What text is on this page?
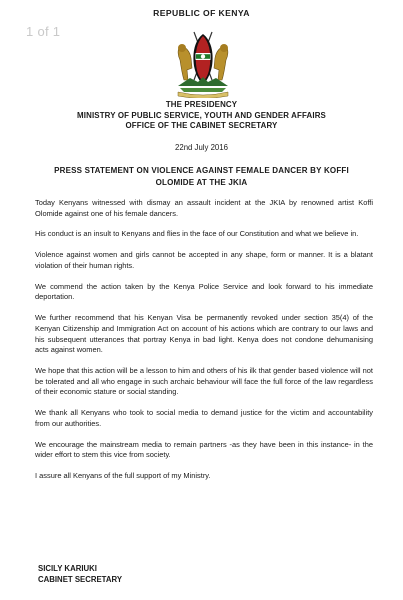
1 of 1
REPUBLIC OF KENYA
THE PRESIDENCY
MINISTRY OF PUBLIC SERVICE, YOUTH AND GENDER AFFAIRS
OFFICE OF THE CABINET SECRETARY
22nd July 2016
PRESS STATEMENT ON VIOLENCE AGAINST FEMALE DANCER BY KOFFI OLOMIDE AT THE JKIA

Today Kenyans witnessed with dismay an assault incident at the JKIA by renowned artist Koffi Olomide against one of his female dancers.

His conduct is an insult to Kenyans and flies in the face of our Constitution and what we believe in.

Violence against women and girls cannot be accepted in any shape, form or manner. It is a blatant violation of their human rights.

We commend the action taken by the Kenya Police Service and look forward to his immediate deportation.

We further recommend that his Kenyan Visa be permanently revoked under section 35(4) of the Kenyan Citizenship and Immigration Act on account of his actions which are contrary to our laws and his subsequent utterances that portray Kenya in bad light. Kenya does not condone dehumanising acts against women.

We hope that this action will be a lesson to him and others of his ilk that gender based violence will not be tolerated and all who engage in such archaic behaviour will face the full force of the law regardless of their economic stature or social standing.

We thank all Kenyans who took to social media to demand justice for the victim and accountability from our authorities.

We encourage the mainstream media to remain partners -as they have been in this instance- in the wider effort to stem this vice from society.

I assure all Kenyans of the full support of my Ministry.

SICILY KARIUKI
CABINET SECRETARY
